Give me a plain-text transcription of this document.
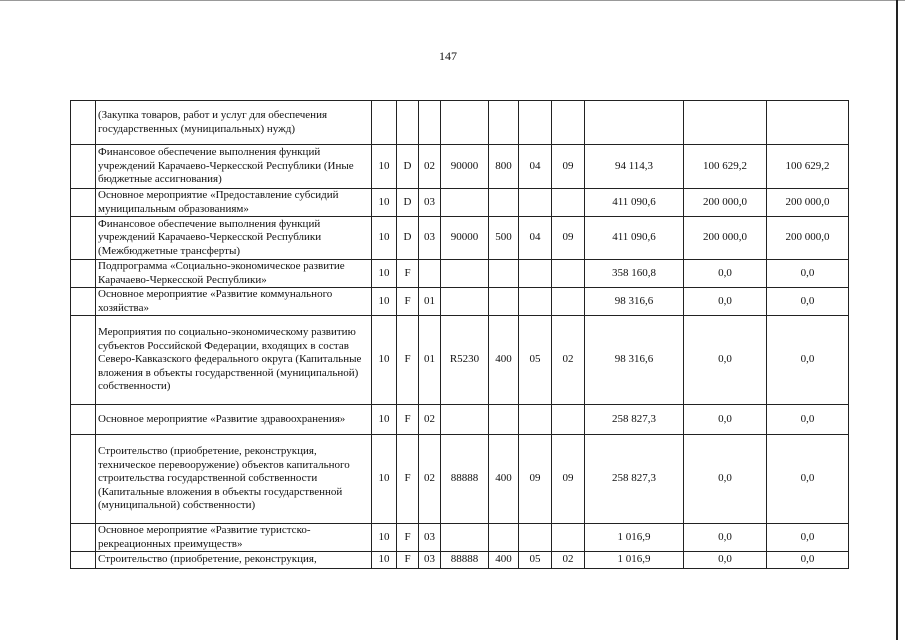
147
	(Закупка товаров, работ и услуг для обеспечения государственных (муниципальных) нужд)										
	Финансовое обеспечение выполнения функций учреждений Карачаево-Черкесской Республики (Иные бюджетные ассигнования)	10	D	02	90000	800	04	09	94 114,3	100 629,2	100 629,2
	Основное мероприятие «Предоставление субсидий муниципальным образованиям»	10	D	03					411 090,6	200 000,0	200 000,0
	Финансовое обеспечение выполнения функций учреждений Карачаево-Черкесской Республики (Межбюджетные трансферты)	10	D	03	90000	500	04	09	411 090,6	200 000,0	200 000,0
	Подпрограмма «Социально-экономическое развитие Карачаево-Черкесской Республики»	10	F						358 160,8	0,0	0,0
	Основное мероприятие «Развитие коммунального хозяйства»	10	F	01					98 316,6	0,0	0,0
	Мероприятия по социально-экономическому развитию субъектов Российской Федерации, входящих в состав Северо-Кавказского федерального округа (Капитальные вложения в объекты государственной (муниципальной) собственности)	10	F	01	R5230	400	05	02	98 316,6	0,0	0,0
	Основное мероприятие «Развитие здравоохранения»	10	F	02					258 827,3	0,0	0,0
	Строительство (приобретение, реконструкция, техническое перевооружение) объектов капитального строительства государственной собственности (Капитальные вложения в объекты государственной (муниципальной) собственности)	10	F	02	88888	400	09	09	258 827,3	0,0	0,0
	Основное мероприятие «Развитие туристско-рекреационных преимуществ»	10	F	03					1 016,9	0,0	0,0
	Строительство (приобретение, реконструкция,	10	F	03	88888	400	05	02	1 016,9	0,0	0,0
